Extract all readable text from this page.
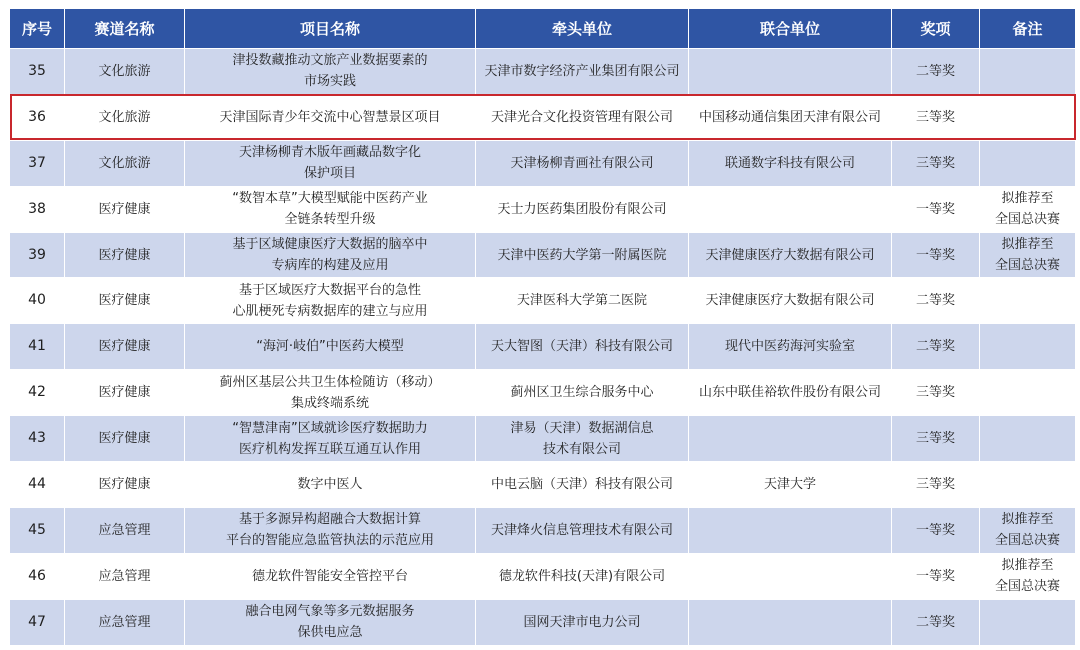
序号	赛道名称	项目名称	牵头单位	联合单位	奖项	备注
35	文化旅游	津投数藏推动文旅产业数据要素的
市场实践	天津市数字经济产业集团有限公司		二等奖	
36	文化旅游	天津国际青少年交流中心智慧景区项目	天津光合文化投资管理有限公司	中国移动通信集团天津有限公司	三等奖	
37	文化旅游	天津杨柳青木版年画藏品数字化
保护项目	天津杨柳青画社有限公司	联通数字科技有限公司	三等奖	
38	医疗健康	“数智本草”大模型赋能中医药产业
全链条转型升级	天士力医药集团股份有限公司		一等奖	拟推荐至
全国总决赛

39	医疗健康	基于区域健康医疗大数据的脑卒中
专病库的构建及应用	天津中医药大学第一附属医院	天津健康医疗大数据有限公司	一等奖	拟推荐至
全国总决赛

40	医疗健康	基于区域医疗大数据平台的急性
心肌梗死专病数据库的建立与应用	天津医科大学第二医院	天津健康医疗大数据有限公司	二等奖	
41	医疗健康	“海河·岐伯”中医药大模型	天大智图（天津）科技有限公司	现代中医药海河实验室	二等奖	
42	医疗健康	蓟州区基层公共卫生体检随访（移动）
集成终端系统	蓟州区卫生综合服务中心	山东中联佳裕软件股份有限公司	三等奖	
43	医疗健康	“智慧津南”区域就诊医疗数据助力
医疗机构发挥互联互通互认作用	津易（天津）数据湖信息
技术有限公司		三等奖	
44	医疗健康	数字中医人	中电云脑（天津）科技有限公司	天津大学	三等奖	
45	应急管理	基于多源异构超融合大数据计算
平台的智能应急监管执法的示范应用	天津烽火信息管理技术有限公司		一等奖	拟推荐至
全国总决赛

46	应急管理	德龙软件智能安全管控平台	德龙软件科技(天津)有限公司		一等奖	拟推荐至
全国总决赛

47	应急管理	融合电网气象等多元数据服务
保供电应急	国网天津市电力公司		二等奖	
